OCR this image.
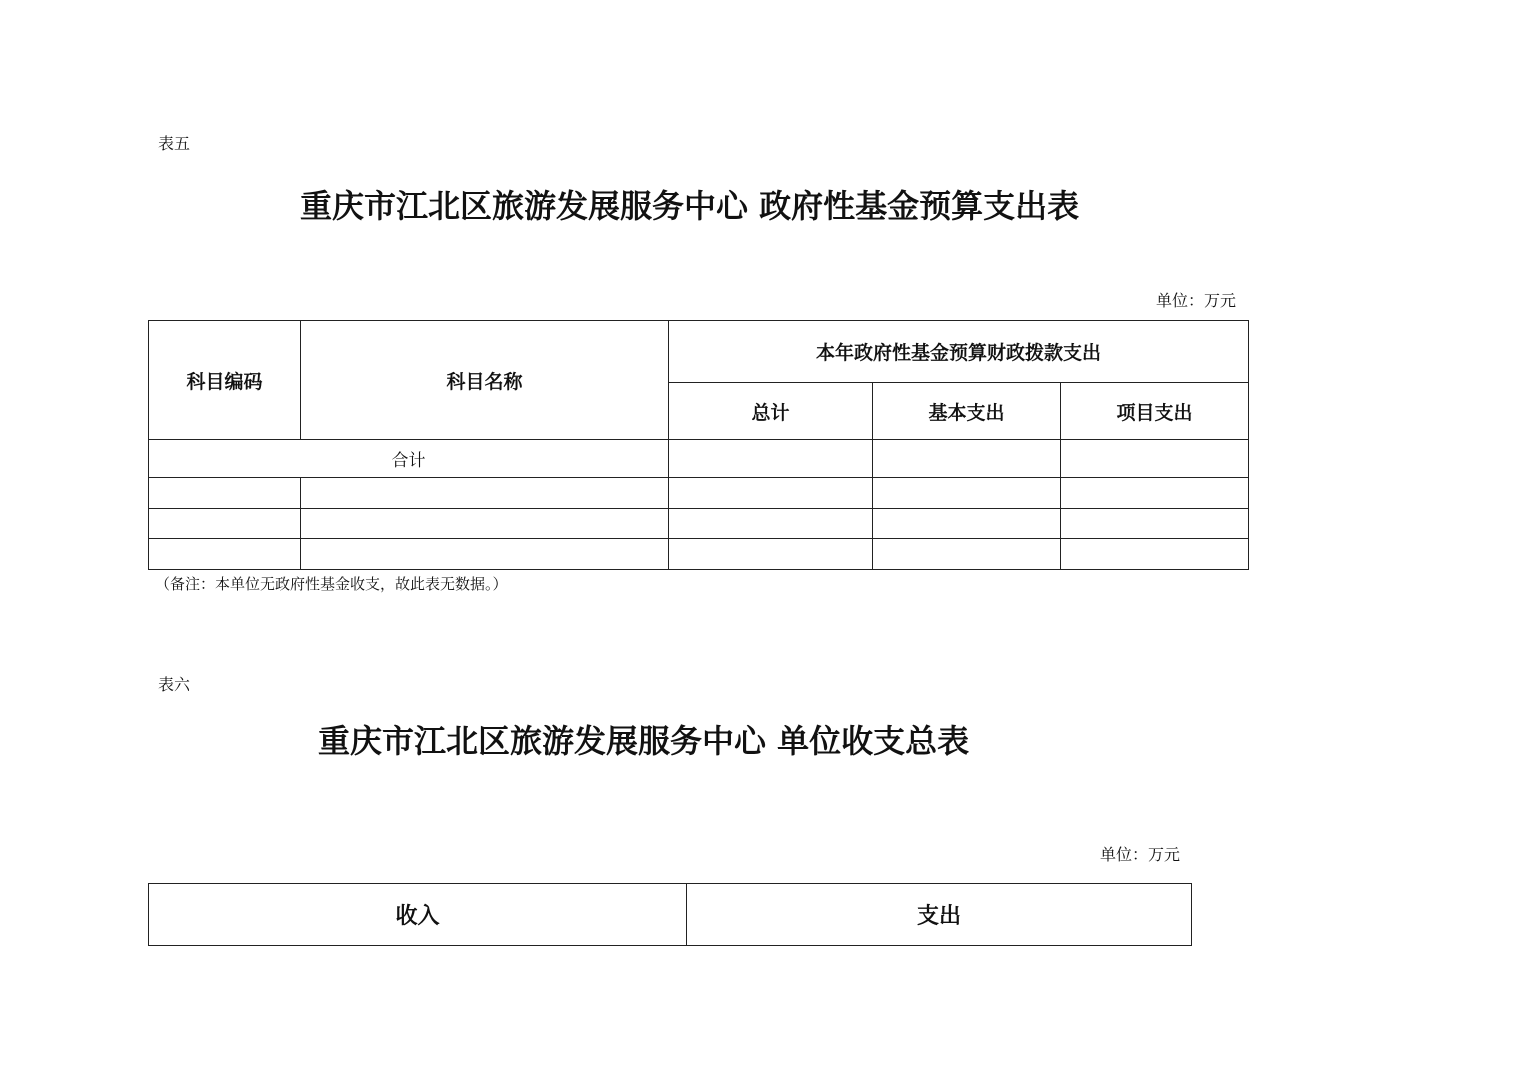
表五
重庆市江北区旅游发展服务中心 政府性基金预算支出表
单位：万元
科目编码	科目名称	本年政府性基金预算财政拨款支出		
		总计	基本支出	项目支出
合计				

（备注：本单位无政府性基金收支，故此表无数据。）
表六
重庆市江北区旅游发展服务中心 单位收支总表
单位：万元
收入	支出
